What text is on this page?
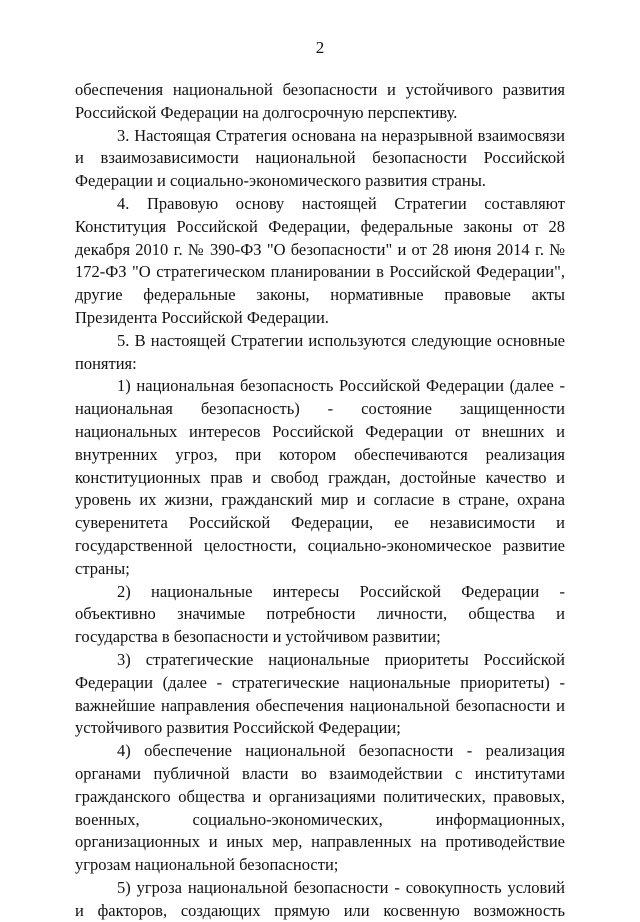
2

обеспечения национальной безопасности и устойчивого развития Российской Федерации на долгосрочную перспективу.

3. Настоящая Стратегия основана на неразрывной взаимосвязи и взаимозависимости национальной безопасности Российской Федерации и социально-экономического развития страны.

4. Правовую основу настоящей Стратегии составляют Конституция Российской Федерации, федеральные законы от 28 декабря 2010 г. № 390-ФЗ "О безопасности" и от 28 июня 2014 г. № 172-ФЗ "О стратегическом планировании в Российской Федерации", другие федеральные законы, нормативные правовые акты Президента Российской Федерации.

5. В настоящей Стратегии используются следующие основные понятия:

1) национальная безопасность Российской Федерации (далее - национальная безопасность) - состояние защищенности национальных интересов Российской Федерации от внешних и внутренних угроз, при котором обеспечиваются реализация конституционных прав и свобод граждан, достойные качество и уровень их жизни, гражданский мир и согласие в стране, охрана суверенитета Российской Федерации, ее независимости и государственной целостности, социально-экономическое развитие страны;

2) национальные интересы Российской Федерации - объективно значимые потребности личности, общества и государства в безопасности и устойчивом развитии;

3) стратегические национальные приоритеты Российской Федерации (далее - стратегические национальные приоритеты) - важнейшие направления обеспечения национальной безопасности и устойчивого развития Российской Федерации;

4) обеспечение национальной безопасности - реализация органами публичной власти во взаимодействии с институтами гражданского общества и организациями политических, правовых, военных, социально-экономических, информационных, организационных и иных мер, направленных на противодействие угрозам национальной безопасности;

5) угроза национальной безопасности - совокупность условий и факторов, создающих прямую или косвенную возможность
